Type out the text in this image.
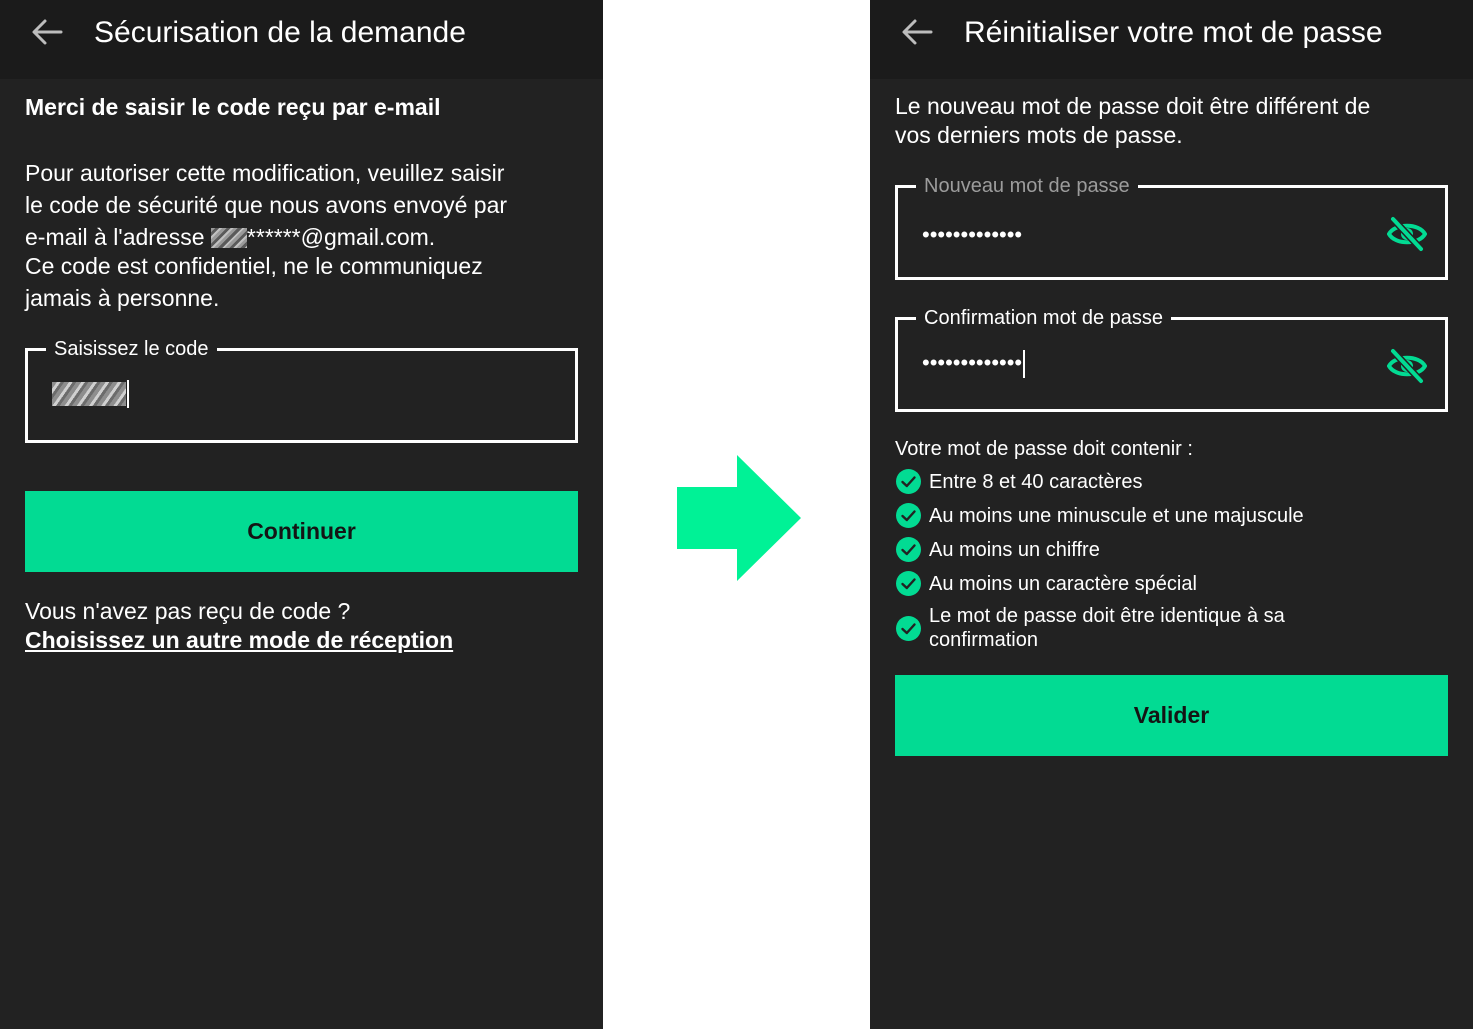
Sécurisation de la demande
Merci de saisir le code reçu par e-mail
Pour autoriser cette modification, veuillez saisir
le code de sécurité que nous avons envoyé par
e-mail à l'adresse ******@gmail.com.
Ce code est confidentiel, ne le communiquez
jamais à personne.
Saisissez le code
Continuer
Vous n'avez pas reçu de code ?
Choisissez un autre mode de réception
Réinitialiser votre mot de passe
Le nouveau mot de passe doit être différent de
vos derniers mots de passe.
Nouveau mot de passe
•••••••••••••
Confirmation mot de passe
•••••••••••••
Votre mot de passe doit contenir :
Entre 8 et 40 caractères
Au moins une minuscule et une majuscule
Au moins un chiffre
Au moins un caractère spécial
Le mot de passe doit être identique à sa
confirmation
Valider
